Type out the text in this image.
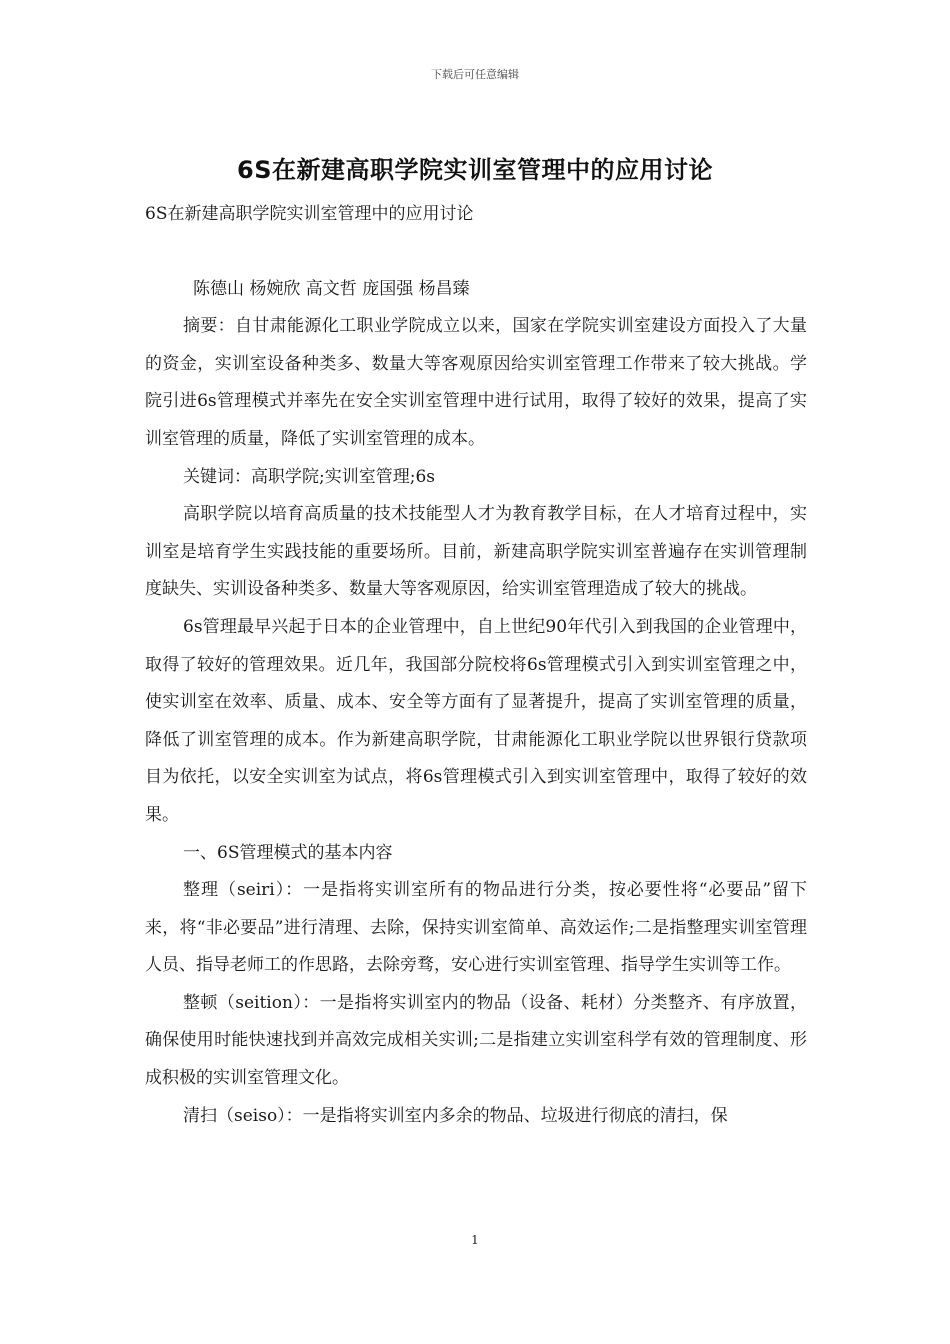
下载后可任意编辑
6S在新建高职学院实训室管理中的应用讨论

6S在新建高职学院实训室管理中的应用讨论

陈德山 杨婉欣 高文哲 庞国强 杨昌臻

摘要：自甘肃能源化工职业学院成立以来，国家在学院实训室建设方面投入了大量的资金，实训室设备种类多、数量大等客观原因给实训室管理工作带来了较大挑战。学院引进6s管理模式并率先在安全实训室管理中进行试用，取得了较好的效果，提高了实训室管理的质量，降低了实训室管理的成本。

关键词：高职学院;实训室管理;6s

高职学院以培育高质量的技术技能型人才为教育教学目标，在人才培育过程中，实训室是培育学生实践技能的重要场所。目前，新建高职学院实训室普遍存在实训管理制度缺失、实训设备种类多、数量大等客观原因，给实训室管理造成了较大的挑战。

6s管理最早兴起于日本的企业管理中，自上世纪90年代引入到我国的企业管理中，取得了较好的管理效果。近几年，我国部分院校将6s管理模式引入到实训室管理之中，使实训室在效率、质量、成本、安全等方面有了显著提升，提高了实训室管理的质量，降低了训室管理的成本。作为新建高职学院，甘肃能源化工职业学院以世界银行贷款项目为依托，以安全实训室为试点，将6s管理模式引入到实训室管理中，取得了较好的效果。

一、6S管理模式的基本内容

整理（seiri）：一是指将实训室所有的物品进行分类，按必要性将“必要品”留下来，将“非必要品”进行清理、去除，保持实训室简单、高效运作;二是指整理实训室管理人员、指导老师工的作思路，去除旁骛，安心进行实训室管理、指导学生实训等工作。

整顿（seition）：一是指将实训室内的物品（设备、耗材）分类整齐、有序放置，确保使用时能快速找到并高效完成相关实训;二是指建立实训室科学有效的管理制度、形成积极的实训室管理文化。

清扫（seiso）：一是指将实训室内多余的物品、垃圾进行彻底的清扫，保

1
